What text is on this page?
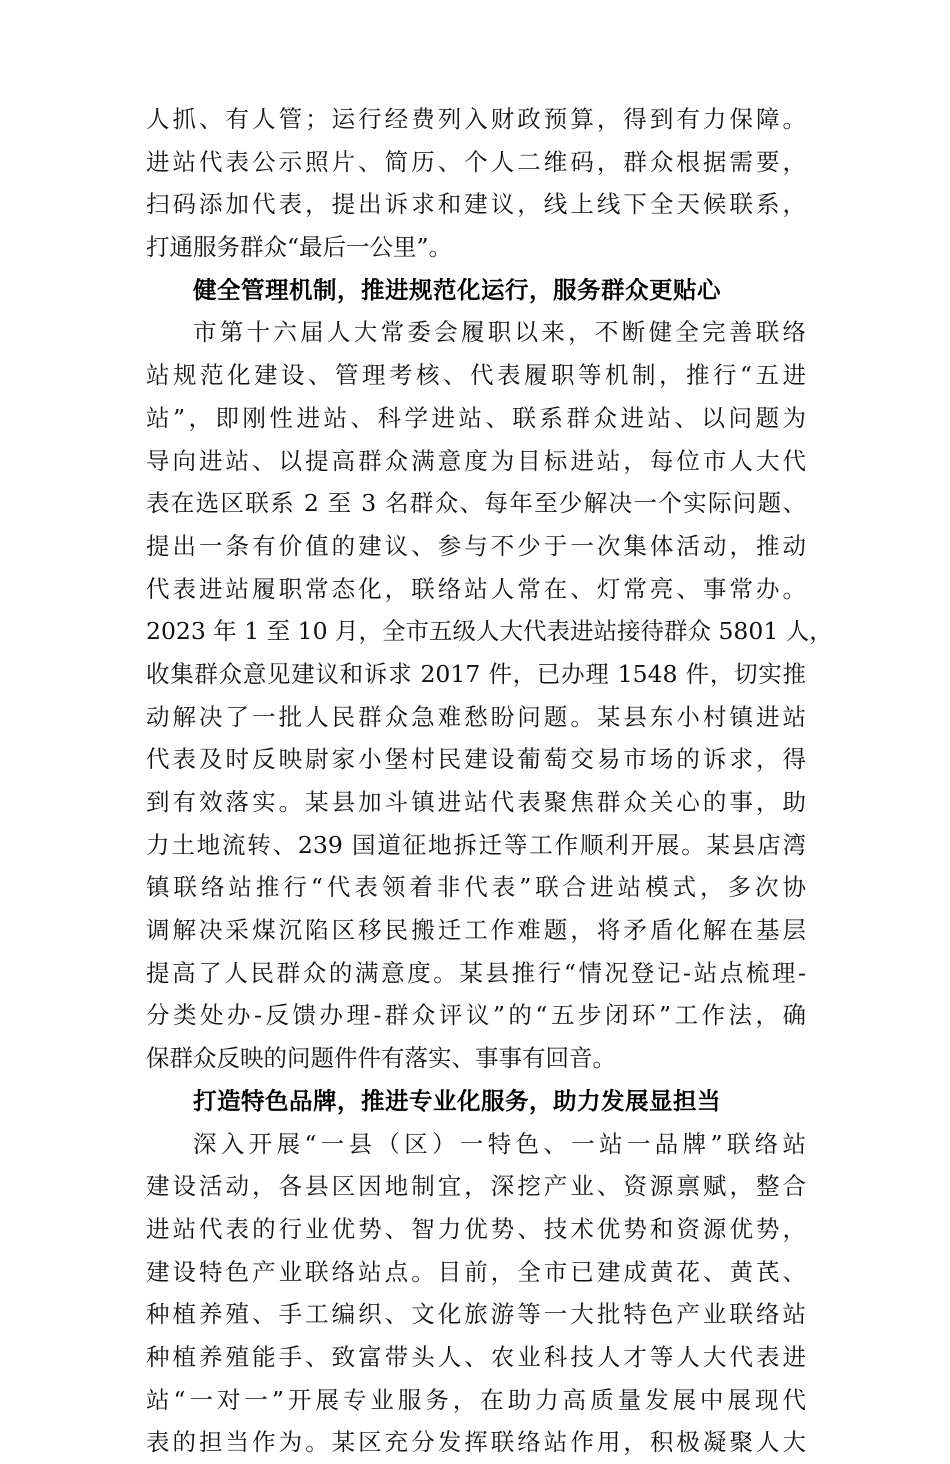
人抓、有人管；运行经费列入财政预算，得到有力保障。
进站代表公示照片、简历、个人二维码，群众根据需要，
扫码添加代表，提出诉求和建议，线上线下全天候联系，
打通服务群众“最后一公里”。
健全管理机制，推进规范化运行，服务群众更贴心
市第十六届人大常委会履职以来，不断健全完善联络
站规范化建设、管理考核、代表履职等机制，推行“五进
站”，即刚性进站、科学进站、联系群众进站、以问题为
导向进站、以提高群众满意度为目标进站，每位市人大代
表在选区联系 2 至 3 名群众、每年至少解决一个实际问题、
提出一条有价值的建议、参与不少于一次集体活动，推动
代表进站履职常态化，联络站人常在、灯常亮、事常办。
2023 年 1 至 10 月，全市五级人大代表进站接待群众 5801 人，
收集群众意见建议和诉求 2017 件，已办理 1548 件，切实推
动解决了一批人民群众急难愁盼问题。某县东小村镇进站
代表及时反映尉家小堡村民建设葡萄交易市场的诉求，得
到有效落实。某县加斗镇进站代表聚焦群众关心的事，助
力土地流转、239 国道征地拆迁等工作顺利开展。某县店湾
镇联络站推行“代表领着非代表”联合进站模式，多次协
调解决采煤沉陷区移民搬迁工作难题，将矛盾化解在基层
提高了人民群众的满意度。某县推行“情况登记-站点梳理-
分类处办-反馈办理-群众评议”的“五步闭环”工作法，确
保群众反映的问题件件有落实、事事有回音。
打造特色品牌，推进专业化服务，助力发展显担当
深入开展“一县（区）一特色、一站一品牌”联络站
建设活动，各县区因地制宜，深挖产业、资源禀赋，整合
进站代表的行业优势、智力优势、技术优势和资源优势，
建设特色产业联络站点。目前，全市已建成黄花、黄芪、
种植养殖、手工编织、文化旅游等一大批特色产业联络站
种植养殖能手、致富带头人、农业科技人才等人大代表进
站“一对一”开展专业服务，在助力高质量发展中展现代
表的担当作为。某区充分发挥联络站作用，积极凝聚人大
